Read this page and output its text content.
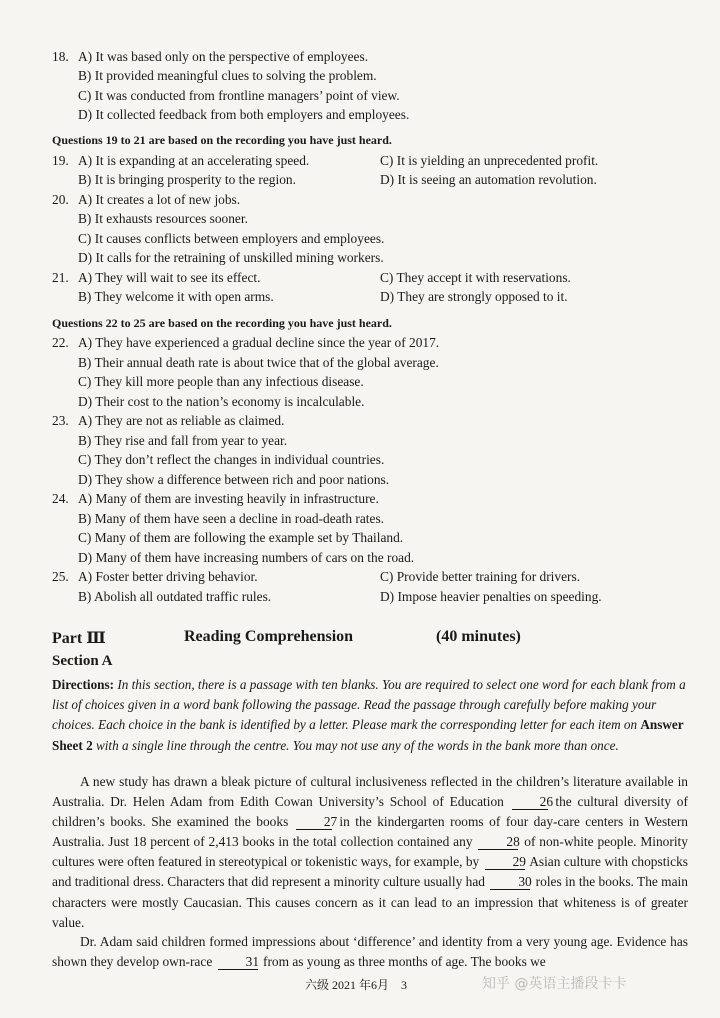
18. A) It was based only on the perspective of employees.
B) It provided meaningful clues to solving the problem.
C) It was conducted from frontline managers’ point of view.
D) It collected feedback from both employers and employees.
Questions 19 to 21 are based on the recording you have just heard.
19. A) It is expanding at an accelerating speed.	C) It is yielding an unprecedented profit.
B) It is bringing prosperity to the region.	D) It is seeing an automation revolution.
20. A) It creates a lot of new jobs.
B) It exhausts resources sooner.
C) It causes conflicts between employers and employees.
D) It calls for the retraining of unskilled mining workers.
21. A) They will wait to see its effect.	C) They accept it with reservations.
B) They welcome it with open arms.	D) They are strongly opposed to it.
Questions 22 to 25 are based on the recording you have just heard.
22. A) They have experienced a gradual decline since the year of 2017.
B) Their annual death rate is about twice that of the global average.
C) They kill more people than any infectious disease.
D) Their cost to the nation’s economy is incalculable.
23. A) They are not as reliable as claimed.
B) They rise and fall from year to year.
C) They don’t reflect the changes in individual countries.
D) They show a difference between rich and poor nations.
24. A) Many of them are investing heavily in infrastructure.
B) Many of them have seen a decline in road-death rates.
C) Many of them are following the example set by Thailand.
D) Many of them have increasing numbers of cars on the road.
25. A) Foster better driving behavior.	C) Provide better training for drivers.
B) Abolish all outdated traffic rules.	D) Impose heavier penalties on speeding.
Part Ⅲ	Reading Comprehension	(40 minutes)
Section A
Directions: In this section, there is a passage with ten blanks. You are required to select one word for each blank from a list of choices given in a word bank following the passage. Read the passage through carefully before making your choices. Each choice in the bank is identified by a letter. Please mark the corresponding letter for each item on Answer Sheet 2 with a single line through the centre. You may not use any of the words in the bank more than once.
A new study has drawn a bleak picture of cultural inclusiveness reflected in the children’s literature available in Australia. Dr. Helen Adam from Edith Cowan University’s School of Education	26 the cultural diversity of children’s books. She examined the books	27 in the kindergarten rooms of four day-care centers in Western Australia. Just 18 percent of 2,413 books in the total collection contained any	28 of non-white people. Minority cultures were often featured in stereotypical or tokenistic ways, for example, by 29 Asian culture with chopsticks and traditional dress. Characters that did represent a minority culture usually had 30 roles in the books. The main characters were mostly Caucasian. This causes concern as it can lead to an impression that whiteness is of greater value.
Dr. Adam said children formed impressions about ‘difference’ and identity from a very young age. Evidence has shown they develop own-race 31 from as young as three months of age. The books we
六级 2021 年6月　3	知乎 @英语主播段卡卡
